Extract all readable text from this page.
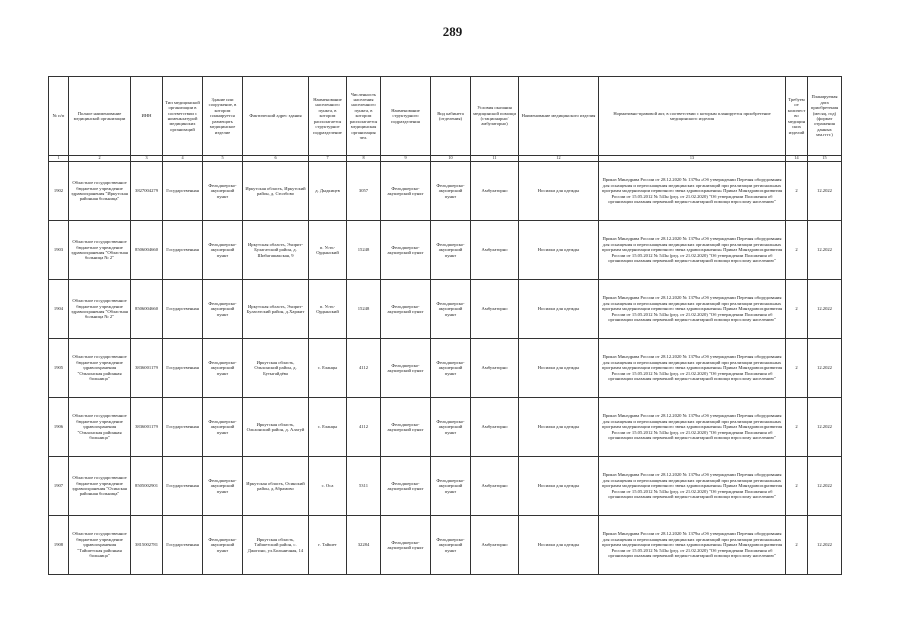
289
№ п/п	Полное наименование медицинской организации	ИНН	Тип медицинской организации в соответствии с номенклатурой медицинских организаций	Здание или сооружение, в котором планируется размещать медицинское изделие	Фактический адрес здания	Наименование населенного пункта, в котором располагается структурное подразделение	Численность населения населенного пункта, в котором располагается медицинская организация чел.	Наименование структурного подразделения	Вид кабинета (отделения)	Условия оказания медицинской помощи (стационарно/амбулаторно)	Наименование медицинского изделия	Нормативно-правовой акт, в соответствии с которым планируется приобретение медицинского изделия	Требуемое количество медицинских изделий	Планируемая дата приобретения (месяц, год) (формат отражения данных мм.гггг.)
1	2	3	4	5	6	7	8	9	10	11	12	13	14	15
1902	Областное государственное бюджетное учреждение здравоохранения "Иркутская районная больница"	3827004279	Государственная	Фельдшерско-акушерский пункт	Иркутская область, Иркутский район, д. Столбово	д. Дыдкицев	3057	Фельдшерско-акушерский пункт	Фельдшерско-акушерский пункт	Амбулаторно	Носилки для одежды	Приказ Минздрава России от 28.12.2020 № 1379н «Об утверждении Перечня оборудования для оснащения и переоснащения медицинских организаций при реализации региональных программ модернизации первичного звена здравоохранения» Приказ Минздравсоцразвития России от 15.05.2012 № 543н (ред. от 21.02.2020) "Об утверждении Положения об организации оказания первичной медико-санитарной помощи взрослому населению"	2	12.2022
1903	Областное государственное бюджетное учреждение здравоохранения "Областная больница № 2"	8506004660	Государственная	Фельдшерско-акушерский пункт	Иркутская область, Эхирит-Булагатский район, д. Шибагашакская, 9	п. Усть-Ордынский	15248	Фельдшерско-акушерский пункт	Фельдшерско-акушерский пункт	Амбулаторно	Носилки для одежды	Приказ Минздрава России от 28.12.2020 № 1379н «Об утверждении Перечня оборудования для оснащения и переоснащения медицинских организаций при реализации региональных программ модернизации первичного звена здравоохранения» Приказ Минздравсоцразвития России от 15.05.2012 № 543н (ред. от 21.02.2020) "Об утверждении Положения об организации оказания первичной медико-санитарной помощи взрослому населению"	2	12.2022
1904	Областное государственное бюджетное учреждение здравоохранения "Областная больница № 2"	8506004660	Государственная	Фельдшерско-акушерский пункт	Иркутская область, Эхирит-Булагатский район, д.Харжит	п. Усть-Ордынский	15248	Фельдшерско-акушерский пункт	Фельдшерско-акушерский пункт	Амбулаторно	Носилки для одежды	Приказ Минздрава России от 28.12.2020 № 1379н «Об утверждении Перечня оборудования для оснащения и переоснащения медицинских организаций при реализации региональных программ модернизации первичного звена здравоохранения» Приказ Минздравсоцразвития России от 15.05.2012 № 543н (ред. от 21.02.2020) "Об утверждении Положения об организации оказания первичной медико-санитарной помощи взрослому населению"	2	12.2022
1905	Областное государственное бюджетное учреждение здравоохранения "Ольхонская районная больница"	3836001179	Государственная	Фельдшерско-акушерский пункт	Иркутская область, Ольхонский район, д. Бутыгайдёва	с. Еланцы	4112	Фельдшерско-акушерский пункт	Фельдшерско-акушерский пункт	Амбулаторно	Носилки для одежды	Приказ Минздрава России от 28.12.2020 № 1379н «Об утверждении Перечня оборудования для оснащения и переоснащения медицинских организаций при реализации региональных программ модернизации первичного звена здравоохранения» Приказ Минздравсоцразвития России от 15.05.2012 № 543н (ред. от 21.02.2020) "Об утверждении Положения об организации оказания первичной медико-санитарной помощи взрослому населению"	2	12.2022
1906	Областное государственное бюджетное учреждение здравоохранения "Ольхонская районная больница"	3836001179	Государственная	Фельдшерско-акушерский пункт	Иркутская область, Ольхонский район, д. Алагуй	с. Еланцы	4112	Фельдшерско-акушерский пункт	Фельдшерско-акушерский пункт	Амбулаторно	Носилки для одежды	Приказ Минздрава России от 28.12.2020 № 1379н «Об утверждении Перечня оборудования для оснащения и переоснащения медицинских организаций при реализации региональных программ модернизации первичного звена здравоохранения» Приказ Минздравсоцразвития России от 15.05.2012 № 543н (ред. от 21.02.2020) "Об утверждении Положения об организации оказания первичной медико-санитарной помощи взрослому населению"	2	12.2022
1907	Областное государственное бюджетное учреждение здравоохранения "Осинская районная больница"	8505002901	Государственная	Фельдшерско-акушерский пункт	Иркутская область, Осинский район, д.Абрамово	с. Оса	5311	Фельдшерско-акушерский пункт	Фельдшерско-акушерский пункт	Амбулаторно	Носилки для одежды	Приказ Минздрава России от 28.12.2020 № 1379н «Об утверждении Перечня оборудования для оснащения и переоснащения медицинских организаций при реализации региональных программ модернизации первичного звена здравоохранения» Приказ Минздравсоцразвития России от 15.05.2012 № 543н (ред. от 21.02.2020) "Об утверждении Положения об организации оказания первичной медико-санитарной помощи взрослому населению"	2	12.2022
1908	Областное государственное бюджетное учреждение здравоохранения "Тайшетская районная больница"	3815002781	Государственная	Фельдшерско-акушерский пункт	Иркутская область, Тайшетский район, с. Джогино, ул.Больничная, 14	г. Тайшет	32284	Фельдшерско-акушерский пункт	Фельдшерско-акушерский пункт	Амбулаторно	Носилки для одежды	Приказ Минздрава России от 28.12.2020 № 1379н «Об утверждении Перечня оборудования для оснащения и переоснащения медицинских организаций при реализации региональных программ модернизации первичного звена здравоохранения» Приказ Минздравсоцразвития России от 15.05.2012 № 543н (ред. от 21.02.2020) "Об утверждении Положения об организации оказания первичной медико-санитарной помощи взрослому населению"	2	12.2022
